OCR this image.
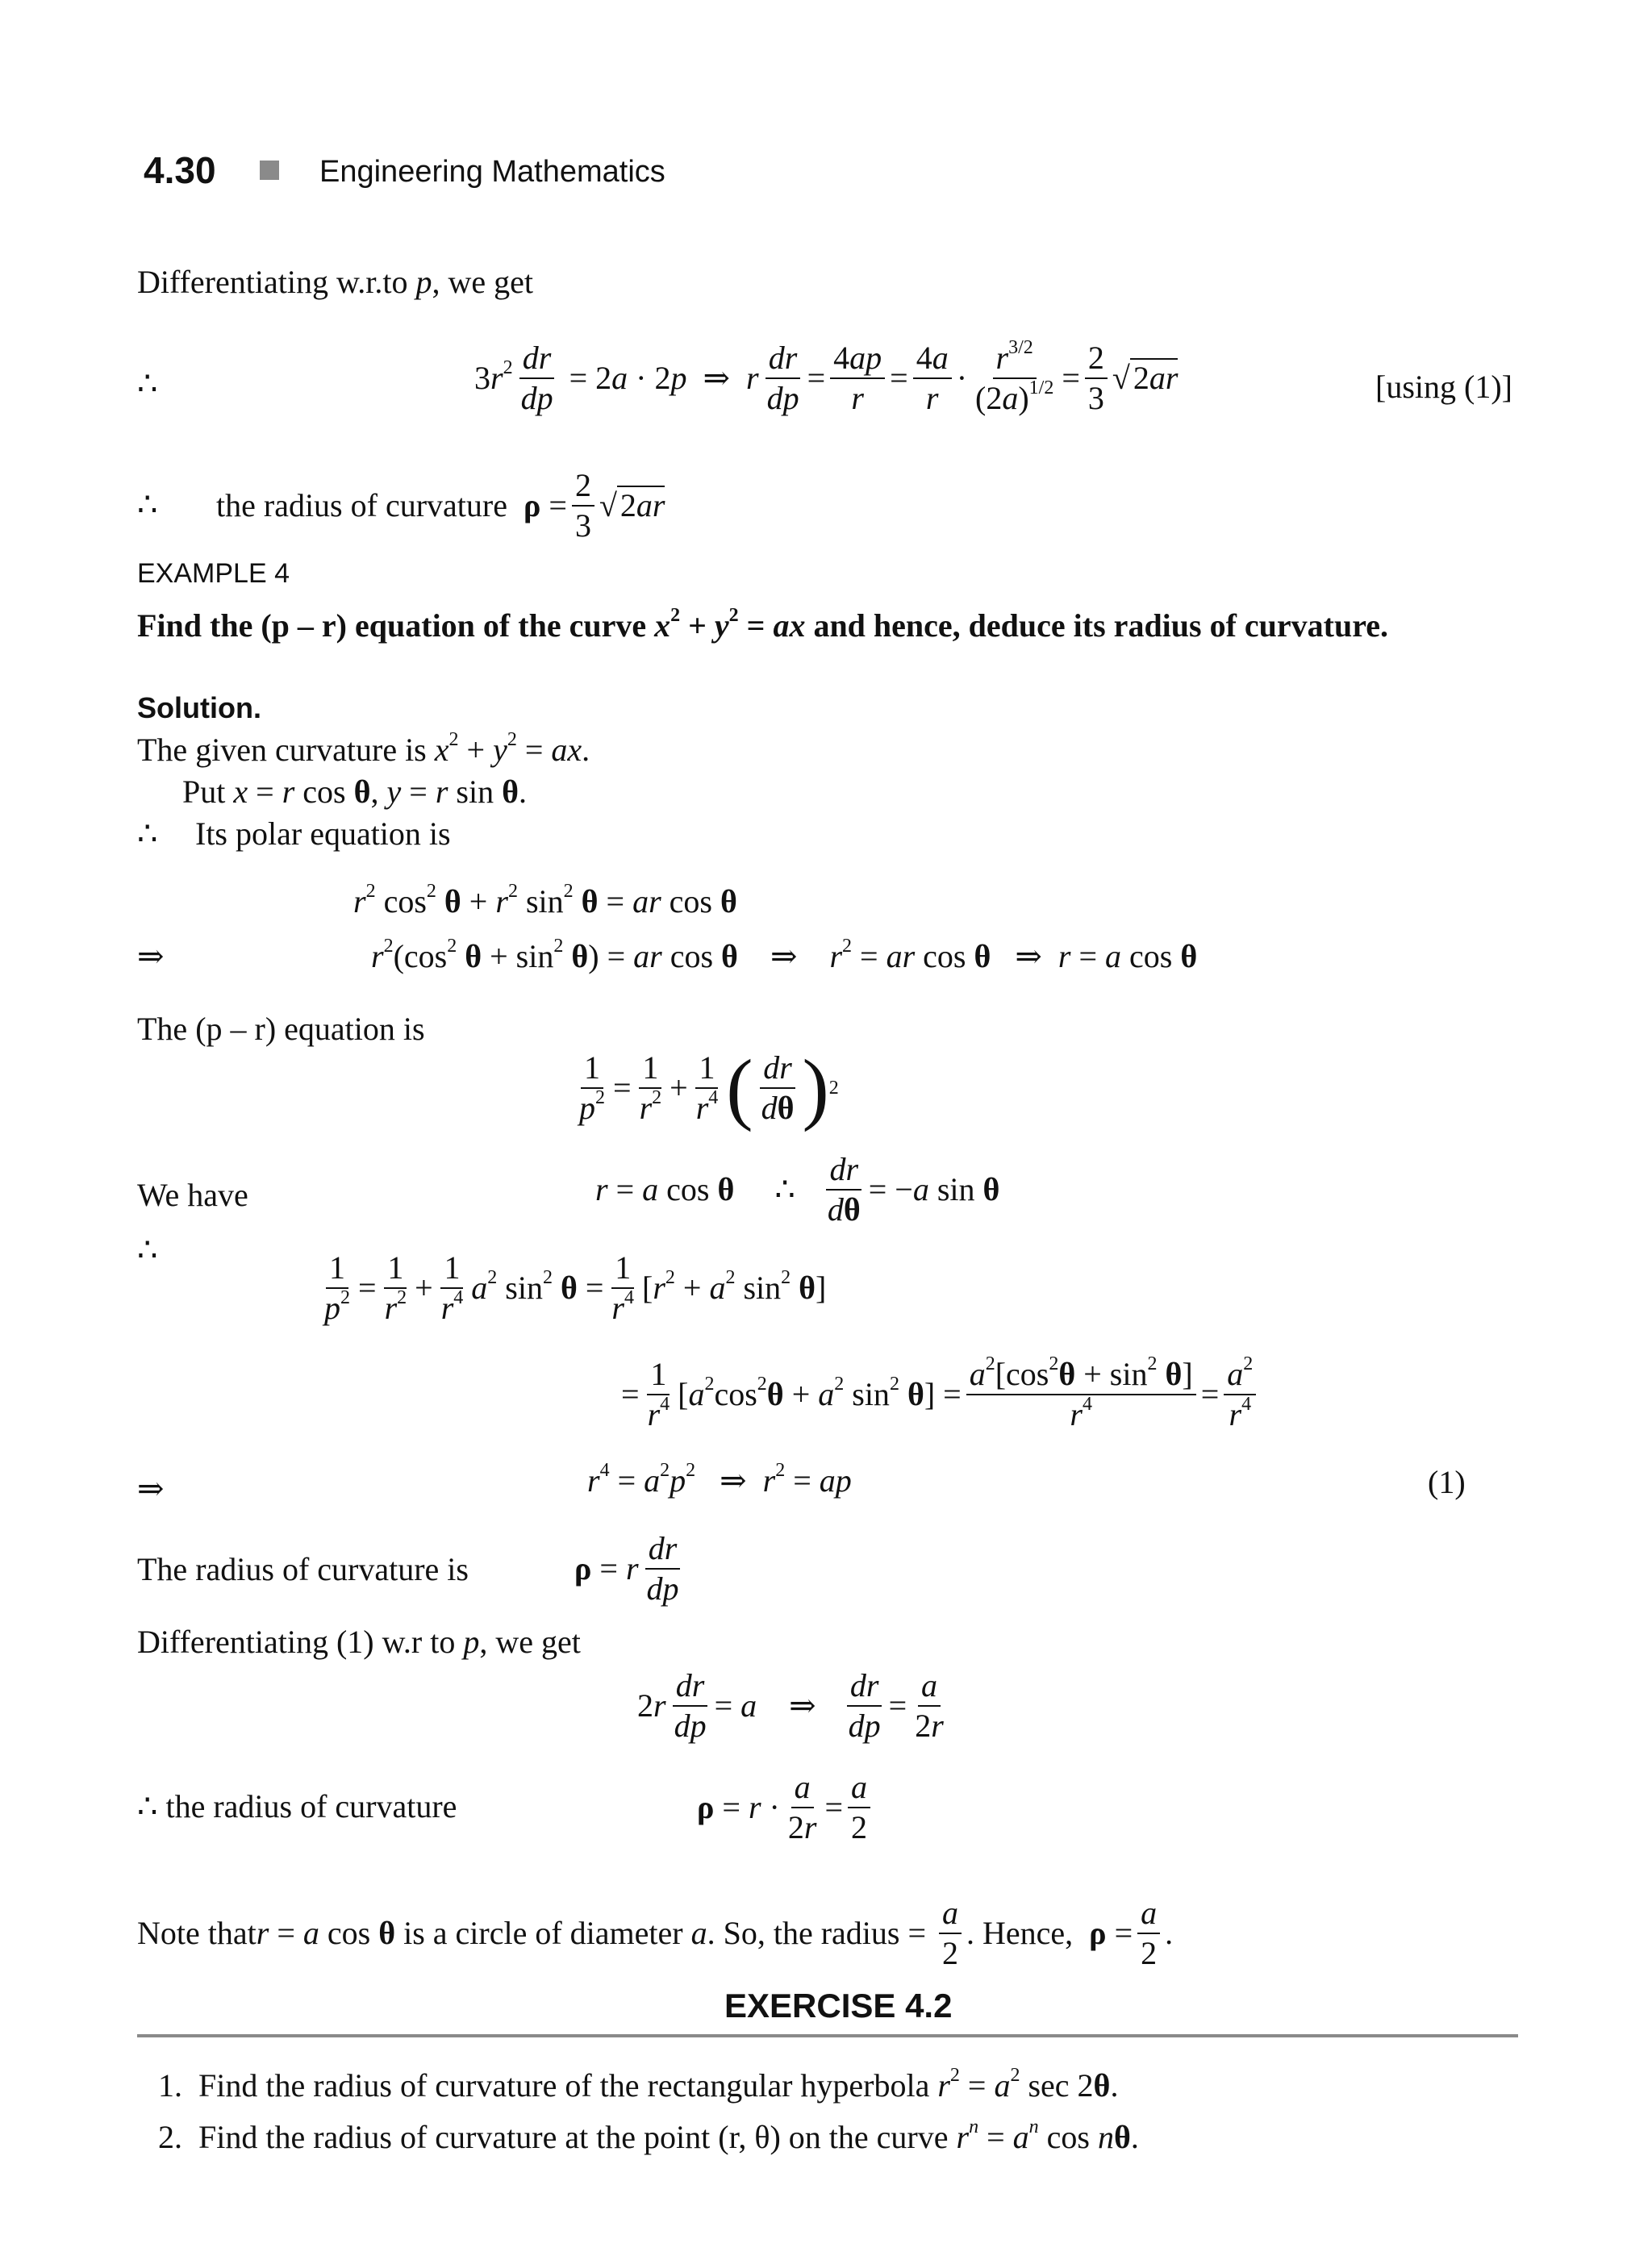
4.30	Engineering Mathematics
Differentiating w.r.to p, we get
∴	$3r^2 \frac{dr}{dp} = 2a \cdot 2p$  ⇒  r $\frac{dr}{dp} = \frac{4ap}{r} = \frac{4a}{r} \cdot \frac{r^{3/2}}{(2a)^{1/2}} = \frac{2}{3}$ √ 2ar	[using (1)]
∴ the radius of curvature $\rho = \frac{2}{3}$ √ 2ar
EXAMPLE 4
Find the (p – r) equation of the curve $x^2 + y^2$ = ax and hence, deduce its radius of curvature.
Solution.
The given curvature is $x^2 + y^2$ = ax.
Put x = r cos θ, y = r sin θ.
∴ Its polar equation is
$r^2$ $\cos^2 \theta + r^2$ $\sin^2 \theta$ = ar cos θ
⇒	$r^2(\cos^2$ $\theta + \sin^2 \theta$) = ar cos θ    ⇒    $r^2$ = ar cos θ   ⇒  r = a cos θ
The (p – r) equation is
$\frac{1}{p^2} = \frac{1}{r^2} + \frac{1}{r^4}$ ( $\frac{dr}{d\theta}$ ) 2
We have	r = a cos θ     ∴ $\frac{dr}{d\theta} = -a$ sin θ
∴	$\frac{1}{p^2} = \frac{1}{r^2} + \frac{1}{r^4} a^2$ $\sin^2 \theta = \frac{1}{r^4} [r^2 + a^2$ $\sin^2 \theta$]
= $\frac{1}{r^4} [a^2\cos^2\theta + a^2$ $\sin^2 \theta] = \frac{a^2[\cos^2\theta + \sin^2 \theta]}{r^4} = \frac{a^2}{r^4}$
⇒	$r^4 = a^2p^2$   ⇒  $r^2$ = ap	(1)
The radius of curvature is	ρ = r $\frac{dr}{dp}$
Differentiating (1) w.r to p, we get
$2r \frac{dr}{dp} = a$    ⇒ $\frac{dr}{dp} = \frac{a}{2r}$
∴ the radius of curvature	$\rho = r \cdot \frac{a}{2r} = \frac{a}{2}$
Note that r = a cos θ is a circle of diameter a . So, the radius = $\frac{a}{2}$ . Hence, $\rho = \frac{a}{2}$ .
EXERCISE 4.2
1. Find the radius of curvature of the rectangular hyperbola $r^2 = a^2$ sec 2θ.
2. Find the radius of curvature at the point (r, θ) on the curve $r^n = a^n$ cos nθ.
